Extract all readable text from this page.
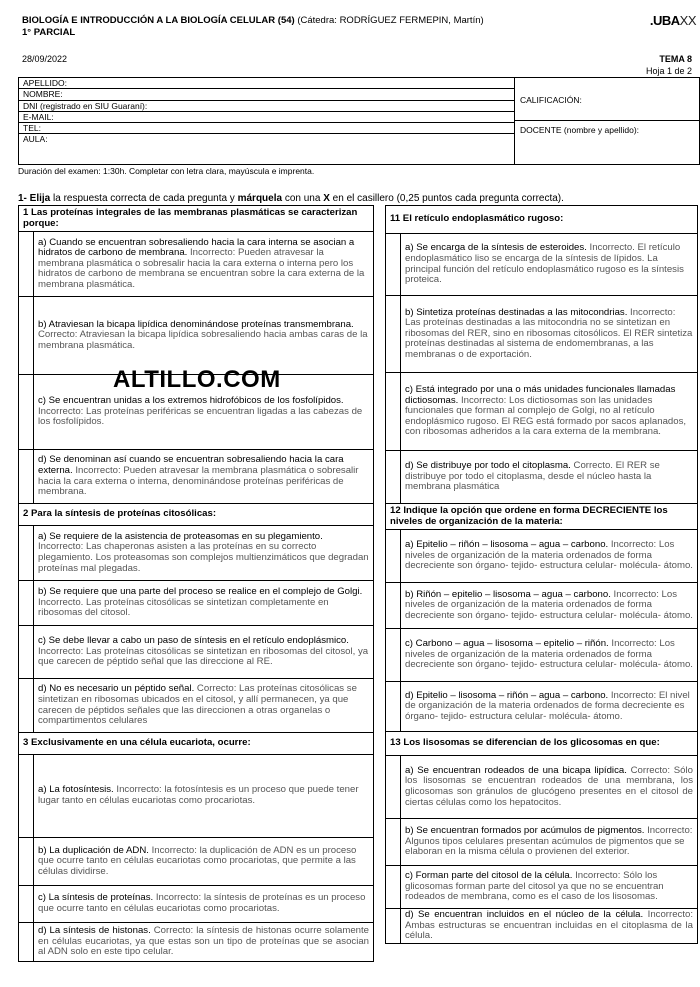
BIOLOGÍA E INTRODUCCIÓN A LA BIOLOGÍA CELULAR (54) (Cátedra: RODRÍGUEZ FERMEPIN, Martín)
1° PARCIAL
.UBAXX
28/09/2022	TEMA 8
Hoja 1 de 2
APELLIDO:
NOMBRE:
DNI (registrado en SIU Guaraní):
E-MAIL:
TEL:
AULA:
CALIFICACIÓN:
DOCENTE (nombre y apellido):
Duración del examen: 1:30h. Completar con letra clara, mayúscula e imprenta.
1- Elija la respuesta correcta de cada pregunta y márquela con una X en el casillero (0,25 puntos cada pregunta correcta).
1 Las proteínas integrales de las membranas plasmáticas se caracterizan porque:
a) Cuando se encuentran sobresaliendo hacia la cara interna se asocian a hidratos de carbono de membrana. Incorrecto: Pueden atravesar la membrana plasmática o sobresalir hacia la cara externa o interna pero los hidratos de carbono de membrana se encuentran sobre la cara externa de la membrana plasmática.
b) Atraviesan la bicapa lipídica denominándose proteínas transmembrana. Correcto: Atraviesan la bicapa lipídica sobresaliendo hacia ambas caras de la membrana plasmática.
c) Se encuentran unidas a los extremos hidrofóbicos de los fosfolípidos. Incorrecto: Las proteínas periféricas se encuentran ligadas a las cabezas de los fosfolípidos.
d) Se denominan así cuando se encuentran sobresaliendo hacia la cara externa. Incorrecto: Pueden atravesar la membrana plasmática o sobresalir hacia la cara externa o interna, denominándose proteínas periféricas de membrana.
2 Para la síntesis de proteínas citosólicas:
a) Se requiere de la asistencia de proteasomas en su plegamiento. Incorrecto: Las chaperonas asisten a las proteínas en su correcto plegamiento. Los proteasomas son complejos multienzimáticos que degradan proteínas mal plegadas.
b) Se requiere que una parte del proceso se realice en el complejo de Golgi. Incorrecto. Las proteínas citosólicas se sintetizan completamente en ribosomas del citosol.
c) Se debe llevar a cabo un paso de síntesis en el retículo endoplásmico. Incorrecto: Las proteínas citosólicas se sintetizan en ribosomas del citosol, ya que carecen de péptido señal que las direccione al RE.
d) No es necesario un péptido señal. Correcto: Las proteínas citosólicas se sintetizan en ribosomas ubicados en el citosol, y allí permanecen, ya que carecen de péptidos señales que las direccionen a otras organelas o compartimentos celulares
3 Exclusivamente en una célula eucariota, ocurre:
a) La fotosíntesis. Incorrecto: la fotosíntesis es un proceso que puede tener lugar tanto en células eucariotas como procariotas.
b) La duplicación de ADN. Incorrecto: la duplicación de ADN es un proceso que ocurre tanto en células eucariotas como procariotas, que permite a las células dividirse.
c) La síntesis de proteínas. Incorrecto: la síntesis de proteínas es un proceso que ocurre tanto en células eucariotas como procariotas.
d) La síntesis de histonas. Correcto: la síntesis de histonas ocurre solamente en células eucariotas, ya que estas son un tipo de proteínas que se asocian al ADN solo en este tipo celular.
11 El retículo endoplasmático rugoso:
a) Se encarga de la síntesis de esteroides. Incorrecto. El retículo endoplasmático liso se encarga de la síntesis de lípidos. La principal función del retículo endoplasmático rugoso es la síntesis proteica.
b) Sintetiza proteínas destinadas a las mitocondrias. Incorrecto: Las proteínas destinadas a las mitocondria no se sintetizan en ribosomas del RER, sino en ribosomas citosólicos. El RER sintetiza proteínas destinadas al sistema de endomembranas, a las membranas o de exportación.
c) Está integrado por una o más unidades funcionales llamadas dictiosomas. Incorrecto: Los dictiosomas son las unidades funcionales que forman al complejo de Golgi, no al retículo endoplásmico rugoso. El REG está formado por sacos aplanados, con ribosomas adheridos a la cara externa de la membrana.
d) Se distribuye por todo el citoplasma. Correcto. El RER se distribuye por todo el citoplasma, desde el núcleo hasta la membrana plasmática
12 Indique la opción que ordene en forma DECRECIENTE los niveles de organización de la materia:
a) Epitelio – riñón – lisosoma – agua – carbono. Incorrecto: Los niveles de organización de la materia ordenados de forma decreciente son órgano- tejido- estructura celular- molécula- átomo.
b) Riñón – epitelio – lisosoma – agua – carbono. Incorrecto: Los niveles de organización de la materia ordenados de forma decreciente son órgano- tejido- estructura celular- molécula- átomo.
c) Carbono – agua – lisosoma – epitelio – riñón. Incorrecto: Los niveles de organización de la materia ordenados de forma decreciente son órgano- tejido- estructura celular- molécula- átomo.
d) Epitelio – lisosoma – riñón – agua – carbono. Incorrecto: El nivel de organización de la materia ordenados de forma decreciente es órgano- tejido- estructura celular- molécula- átomo.
13 Los lisosomas se diferencian de los glicosomas en que:
a) Se encuentran rodeados de una bicapa lipídica. Correcto: Sólo los lisosomas se encuentran rodeados de una membrana, los glicosomas son gránulos de glucógeno presentes en el citosol de ciertas células como los hepatocitos.
b) Se encuentran formados por acúmulos de pigmentos. Incorrecto: Algunos tipos celulares presentan acúmulos de pigmentos que se elaboran en la misma célula o provienen del exterior.
c) Forman parte del citosol de la célula. Incorrecto: Sólo los glicosomas forman parte del citosol ya que no se encuentran rodeados de membrana, como es el caso de los lisosomas.
d) Se encuentran incluidos en el núcleo de la célula. Incorrecto: Ambas estructuras se encuentran incluidas en el citoplasma de la célula.
ALTILLO.COM
